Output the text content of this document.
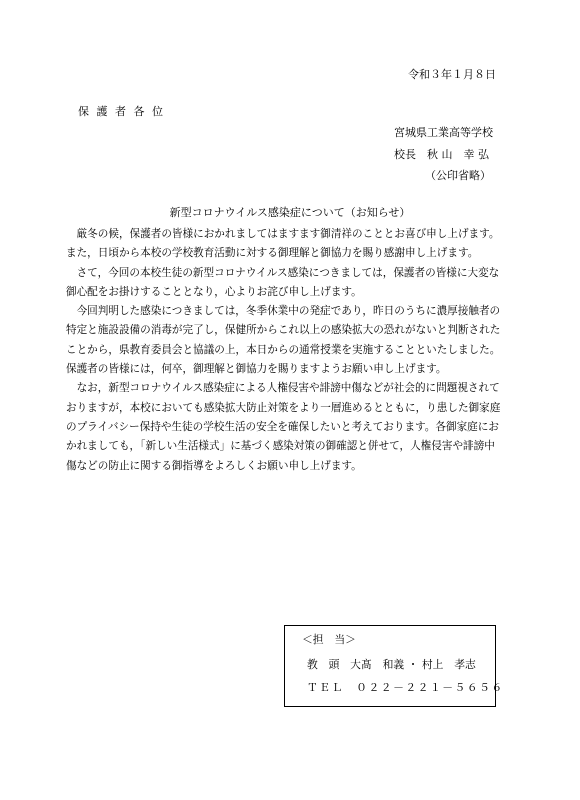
令和３年１月８日
保 護 者 各 位
宮城県工業高等学校
校長　秋 山　幸 弘
（公印省略）
新型コロナウイルス感染症について（お知らせ）
　厳冬の候，保護者の皆様におかれましてはますます御清祥のこととお喜び申し上げます。
また，日頃から本校の学校教育活動に対する御理解と御協力を賜り感謝申し上げます。
　さて，今回の本校生徒の新型コロナウイルス感染につきましては，保護者の皆様に大変な
御心配をお掛けすることとなり，心よりお詫び申し上げます。
　今回判明した感染につきましては，冬季休業中の発症であり，昨日のうちに濃厚接触者の
特定と施設設備の消毒が完了し，保健所からこれ以上の感染拡大の恐れがないと判断された
ことから，県教育委員会と協議の上，本日からの通常授業を実施することといたしました。
保護者の皆様には，何卒，御理解と御協力を賜りますようお願い申し上げます。
　なお，新型コロナウイルス感染症による人権侵害や誹謗中傷などが社会的に問題視されて
おりますが，本校においても感染拡大防止対策をより一層進めるとともに，り患した御家庭
のプライバシー保持や生徒の学校生活の安全を確保したいと考えております。各御家庭にお
かれましても，「新しい生活様式」に基づく感染対策の御確認と併せて，人権侵害や誹謗中
傷などの防止に関する御指導をよろしくお願い申し上げます。
＜担　当＞
教　頭　大髙　和義 ・ 村上　孝志
ＴＥＬ　０２２－２２１－５６５６
